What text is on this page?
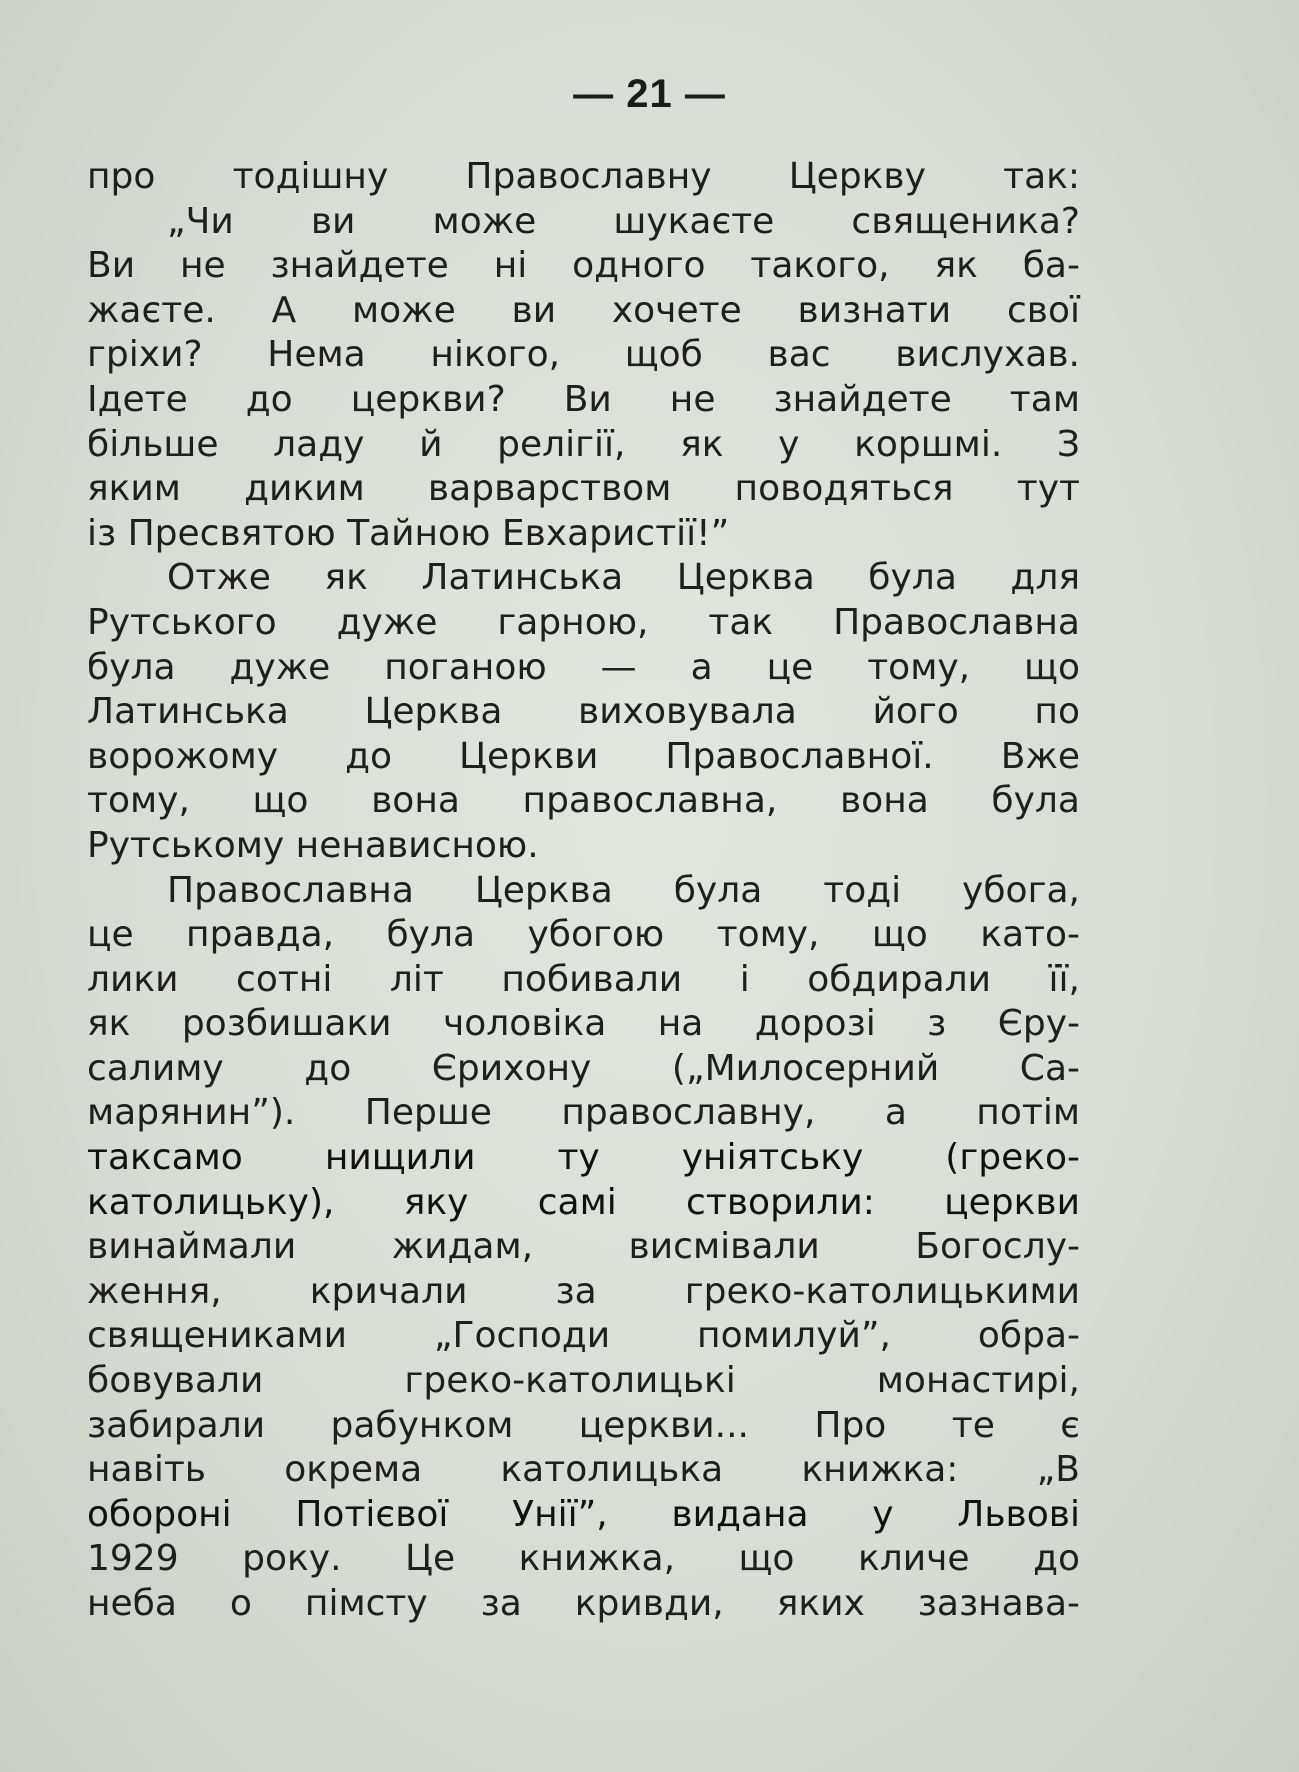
— 21 —
про тодішну Православну Церкву так:
„Чи ви може шукаєте священика?
Ви не знайдете ні одного такого, як ба-
жаєте. А може ви хочете визнати свої
гріхи? Нема нікого, щоб вас вислухав.
Ідете до церкви? Ви не знайдете там
більше ладу й релігії, як у коршмі. З
яким диким варварством поводяться тут
із Пресвятою Тайною Евхаристії!”
Отже як Латинська Церква була для
Рутського дуже гарною, так Православна
була дуже поганою — а це тому, що
Латинська Церква виховувала його по
ворожому до Церкви Православної. Вже
тому, що вона православна, вона була
Рутському ненависною.
Православна Церква була тоді убога,
це правда, була убогою тому, що като-
лики сотні літ побивали і обдирали її,
як розбишаки чоловіка на дорозі з Єру-
салиму до Єрихону („Милосерний Са-
марянин”). Перше православну, а потім
таксамо нищили ту уніятську (греко-
католицьку), яку самі створили: церкви
винаймали жидам, висмівали Богослу-
ження, кричали за греко-католицькими
священиками „Господи помилуй”, обра-
бовували греко-католицькі монастирі,
забирали рабунком церкви... Про те є
навіть окрема католицька книжка: „В
обороні Потієвої Унії”, видана у Львові
1929 року. Це книжка, що кличе до
неба о пімсту за кривди, яких зазнава-
